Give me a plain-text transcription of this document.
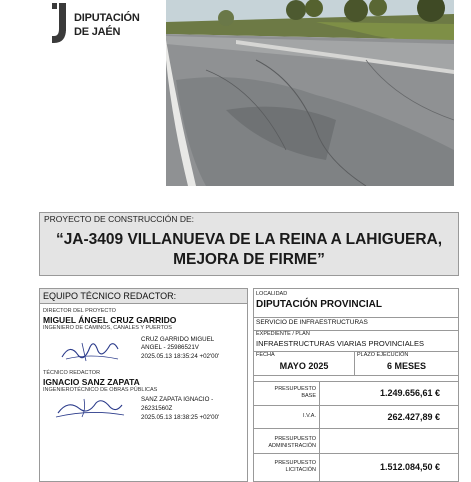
DIPUTACIÓN
DE JAÉN
PROYECTO DE CONSTRUCCIÓN DE:
“JA-3409 VILLANUEVA DE LA REINA A LAHIGUERA, MEJORA DE FIRME”
EQUIPO TÉCNICO REDACTOR:
DIRECTOR DEL PROYECTO
MIGUEL ÁNGEL CRUZ GARRIDO
INGENIERO DE CAMINOS, CANALES Y PUERTOS
CRUZ GARRIDO MIGUEL
ANGEL - 25986521V
2025.05.13 18:35:24 +02'00'
TÉCNICO REDACTOR
IGNACIO SANZ ZAPATA
INGENIEROTÉCNICO DE OBRAS PÚBLICAS
SANZ ZAPATA IGNACIO -
26231560Z
2025.05.13 18:38:25 +02'00'
LOCALIDAD
DIPUTACIÓN PROVINCIAL
SERVICIO DE INFRAESTRUCTURAS
EXPEDIENTE / PLAN
INFRAESTRUCTURAS VIARIAS PROVINCIALES
FECHA
MAYO 2025
PLAZO EJECUCIÓN
6 MESES
PRESUPUESTO
BASE	1.249.656,61 €
I.V.A.	262.427,89 €
PRESUPUESTO
ADMINISTRACIÓN
PRESUPUESTO
LICITACIÓN	1.512.084,50 €
